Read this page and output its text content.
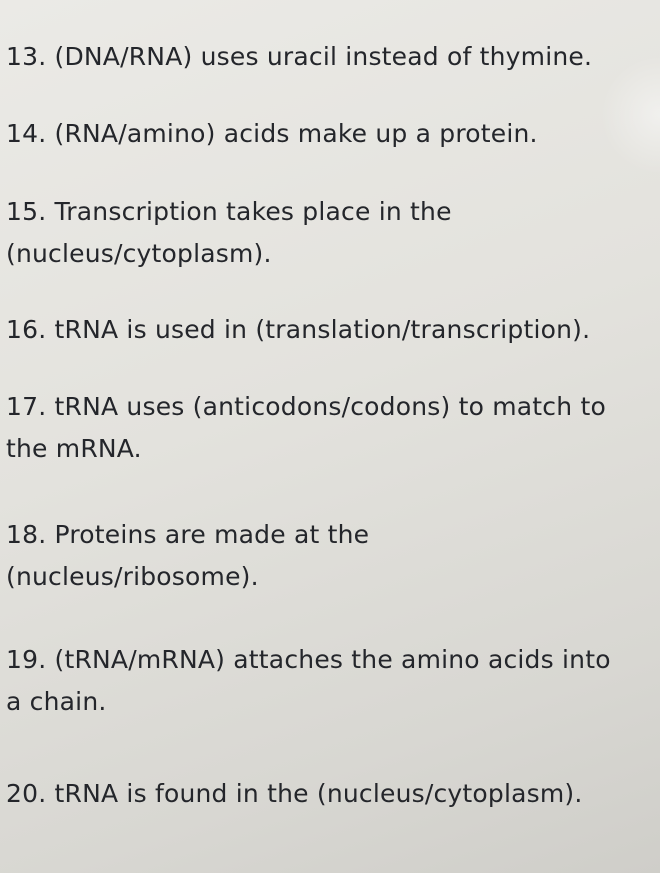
13. (DNA/RNA) uses uracil instead of thymine.
14. (RNA/amino) acids make up a protein.
15. Transcription takes place in the
(nucleus/cytoplasm).
16. tRNA is used in (translation/transcription).
17. tRNA uses (anticodons/codons) to match to
the mRNA.
18. Proteins are made at the
(nucleus/ribosome).
19. (tRNA/mRNA) attaches the amino acids into
a chain.
20. tRNA is found in the (nucleus/cytoplasm).
